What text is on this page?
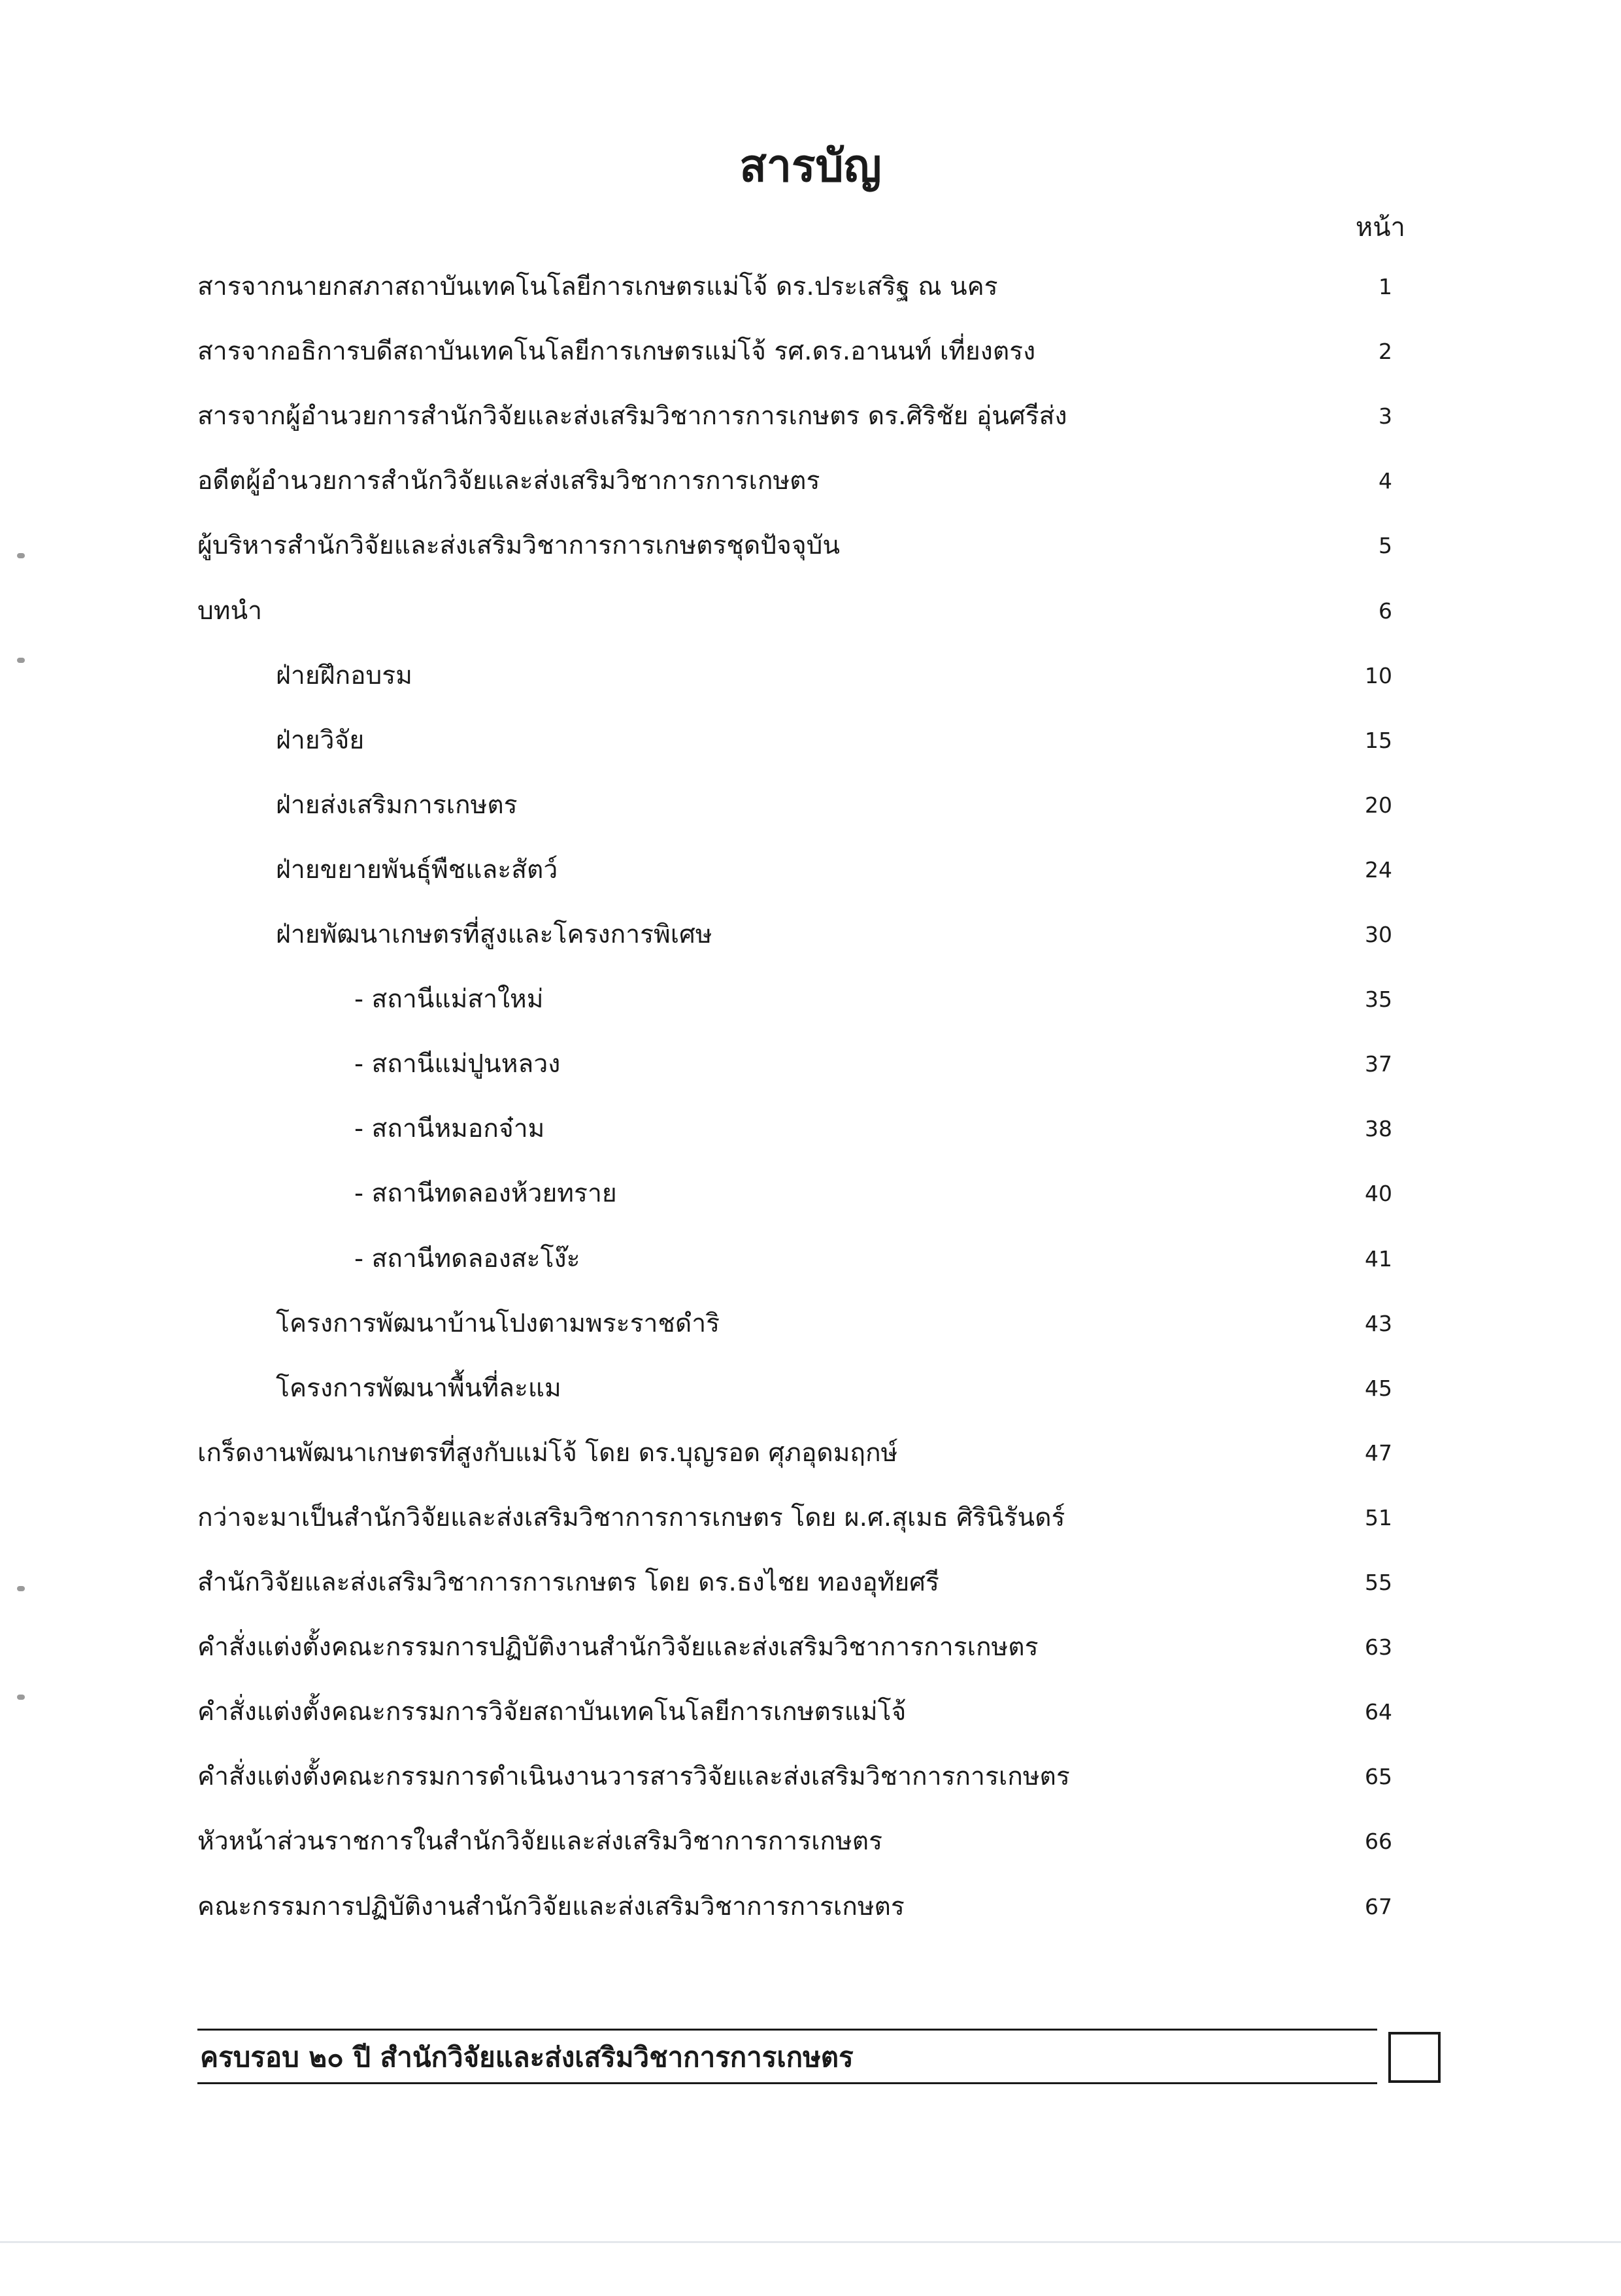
สารบัญ
หน้า
สารจากนายกสภาสถาบันเทคโนโลยีการเกษตรแม่โจ้ ดร.ประเสริฐ ณ นคร	1
สารจากอธิการบดีสถาบันเทคโนโลยีการเกษตรแม่โจ้ รศ.ดร.อานนท์ เที่ยงตรง	2
สารจากผู้อำนวยการสำนักวิจัยและส่งเสริมวิชาการการเกษตร ดร.ศิริชัย อุ่นศรีส่ง	3
อดีตผู้อำนวยการสำนักวิจัยและส่งเสริมวิชาการการเกษตร	4
ผู้บริหารสำนักวิจัยและส่งเสริมวิชาการการเกษตรชุดปัจจุบัน	5
บทนำ	6
ฝ่ายฝึกอบรม	10
ฝ่ายวิจัย	15
ฝ่ายส่งเสริมการเกษตร	20
ฝ่ายขยายพันธุ์พืชและสัตว์	24
ฝ่ายพัฒนาเกษตรที่สูงและโครงการพิเศษ	30
- สถานีแม่สาใหม่	35
- สถานีแม่ปูนหลวง	37
- สถานีหมอกจ๋าม	38
- สถานีทดลองห้วยทราย	40
- สถานีทดลองสะโง๊ะ	41
โครงการพัฒนาบ้านโปงตามพระราชดำริ	43
โครงการพัฒนาพื้นที่ละแม	45
เกร็ดงานพัฒนาเกษตรที่สูงกับแม่โจ้ โดย ดร.บุญรอด ศุภอุดมฤกษ์	47
กว่าจะมาเป็นสำนักวิจัยและส่งเสริมวิชาการการเกษตร โดย ผ.ศ.สุเมธ ศิรินิรันดร์	51
สำนักวิจัยและส่งเสริมวิชาการการเกษตร โดย ดร.ธงไชย ทองอุทัยศรี	55
คำสั่งแต่งตั้งคณะกรรมการปฏิบัติงานสำนักวิจัยและส่งเสริมวิชาการการเกษตร	63
คำสั่งแต่งตั้งคณะกรรมการวิจัยสถาบันเทคโนโลยีการเกษตรแม่โจ้	64
คำสั่งแต่งตั้งคณะกรรมการดำเนินงานวารสารวิจัยและส่งเสริมวิชาการการเกษตร	65
หัวหน้าส่วนราชการในสำนักวิจัยและส่งเสริมวิชาการการเกษตร	66
คณะกรรมการปฏิบัติงานสำนักวิจัยและส่งเสริมวิชาการการเกษตร	67
ครบรอบ ๒๐ ปี สำนักวิจัยและส่งเสริมวิชาการการเกษตร
